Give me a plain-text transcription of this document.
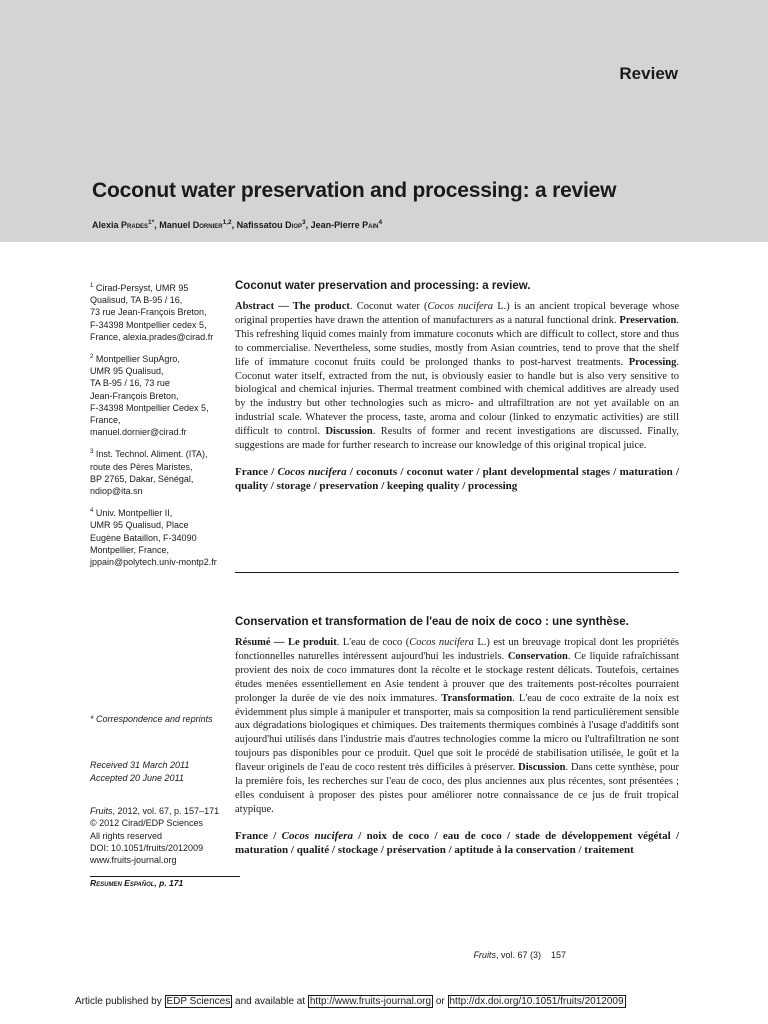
Review
Coconut water preservation and processing: a review
Alexia Prades$^{1*}$, Manuel Dornier$^{1,2}$, Nafissatou Diop$^3$, Jean-Pierre Pain$^4$
$^1$ Cirad-Persyst, UMR 95
Qualisud, TA B-95 / 16,
73 rue Jean-François Breton,
F-34398 Montpellier cedex 5,
France, alexia.prades@cirad.fr
$^2$ Montpellier SupAgro,
UMR 95 Qualisud,
TA B-95 / 16, 73 rue
Jean-François Breton,
F-34398 Montpellier Cedex 5,
France,
manuel.dornier@cirad.fr
$^3$ Inst. Technol. Aliment. (ITA),
route des Pères Maristes,
BP 2765, Dakar, Sénégal,
ndiop@ita.sn
$^4$ Univ. Montpellier II,
UMR 95 Qualisud, Place
Eugène Bataillon, F-34090
Montpellier, France,
jppain@polytech.univ-montp2.fr
* Correspondence and reprints
Received 31 March 2011
Accepted 20 June 2011
Fruits, 2012, vol. 67, p. 157–171
© 2012 Cirad/EDP Sciences
All rights reserved
DOI: 10.1051/fruits/2012009
www.fruits-journal.org
Resumen Español, p. 171
Coconut water preservation and processing: a review.

Abstract — The product. Coconut water (Cocos nucifera L.) is an ancient tropical beverage whose original properties have drawn the attention of manufacturers as a natural functional drink. Preservation. This refreshing liquid comes mainly from immature coconuts which are difficult to collect, store and thus to commercialise. Nevertheless, some studies, mostly from Asian countries, tend to prove that the shelf life of immature coconut fruits could be prolonged thanks to post-harvest treatments. Processing. Coconut water itself, extracted from the nut, is obviously easier to handle but is also very sensitive to biological and chemical injuries. Thermal treatment combined with chemical additives are already used by the industry but other technologies such as micro- and ultrafiltration are not yet available on an industrial scale. Whatever the process, taste, aroma and colour (linked to enzymatic activities) are still difficult to control. Discussion. Results of former and recent investigations are discussed. Finally, suggestions are made for further research to increase our knowledge of this original tropical juice.

France / Cocos nucifera / coconuts / coconut water / plant developmental stages / maturation / quality / storage / preservation / keeping quality / processing

Conservation et transformation de l'eau de noix de coco : une synthèse.

Résumé — Le produit. L'eau de coco (Cocos nucifera L.) est un breuvage tropical dont les propriétés fonctionnelles naturelles intéressent aujourd'hui les industriels. Conservation. Ce liquide rafraîchissant provient des noix de coco immatures dont la récolte et le stockage restent délicats. Toutefois, certaines études menées essentiellement en Asie tendent à prouver que des traitements post-récoltes pourraient prolonger la durée de vie des noix immatures. Transformation. L'eau de coco extraite de la noix est évidemment plus simple à manipuler et transporter, mais sa composition la rend particulièrement sensible aux dégradations biologiques et chimiques. Des traitements thermiques combinés à l'usage d'additifs sont aujourd'hui utilisés dans l'industrie mais d'autres technologies comme la micro ou l'ultrafiltration ne sont toujours pas disponibles pour ce produit. Quel que soit le procédé de stabilisation utilisée, le goût et la flaveur originels de l'eau de coco restent très difficiles à préserver. Discussion. Dans cette synthèse, pour la première fois, les recherches sur l'eau de coco, des plus anciennes aux plus récentes, sont présentées ; elles conduisent à proposer des pistes pour améliorer notre connaissance de ce jus de fruit tropical atypique.

France / Cocos nucifera / noix de coco / eau de coco / stade de développement végétal / maturation / qualité / stockage / préservation / aptitude à la conservation / traitement

Fruits, vol. 67 (3) 157
Article published by EDP Sciences and available at http://www.fruits-journal.org or http://dx.doi.org/10.1051/fruits/2012009
